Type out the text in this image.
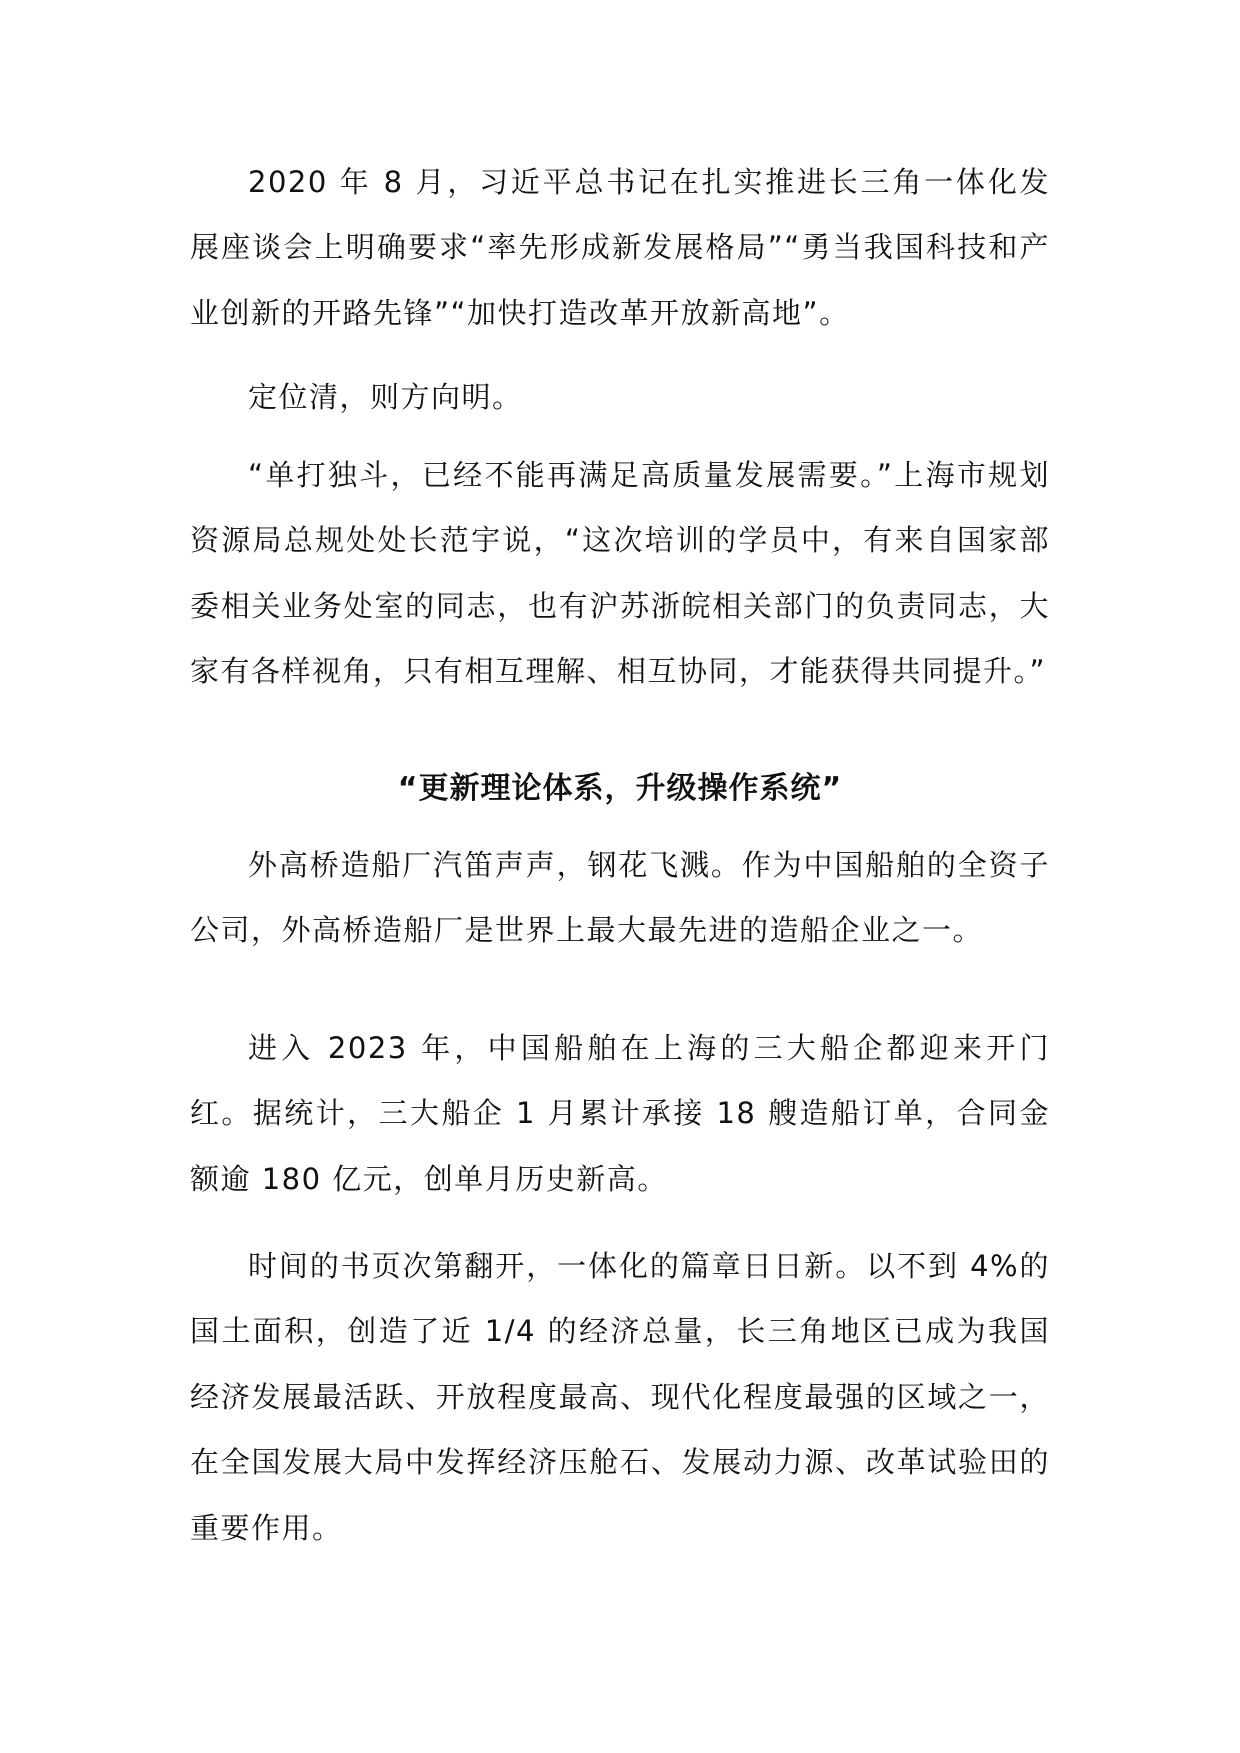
2020 年 8 月，习近平总书记在扎实推进长三角一体化发展座谈会上明确要求“率先形成新发展格局”“勇当我国科技和产业创新的开路先锋”“加快打造改革开放新高地”。

定位清，则方向明。

“单打独斗，已经不能再满足高质量发展需要。”上海市规划资源局总规处处长范宇说，“这次培训的学员中，有来自国家部委相关业务处室的同志，也有沪苏浙皖相关部门的负责同志，大家有各样视角，只有相互理解、相互协同，才能获得共同提升。”

“更新理论体系，升级操作系统”

外高桥造船厂汽笛声声，钢花飞溅。作为中国船舶的全资子公司，外高桥造船厂是世界上最大最先进的造船企业之一。

进入 2023 年，中国船舶在上海的三大船企都迎来开门红。据统计，三大船企 1 月累计承接 18 艘造船订单，合同金额逾 180 亿元，创单月历史新高。

时间的书页次第翻开，一体化的篇章日日新。以不到 4%的国土面积，创造了近 1/4 的经济总量，长三角地区已成为我国经济发展最活跃、开放程度最高、现代化程度最强的区域之一，在全国发展大局中发挥经济压舱石、发展动力源、改革试验田的重要作用。
